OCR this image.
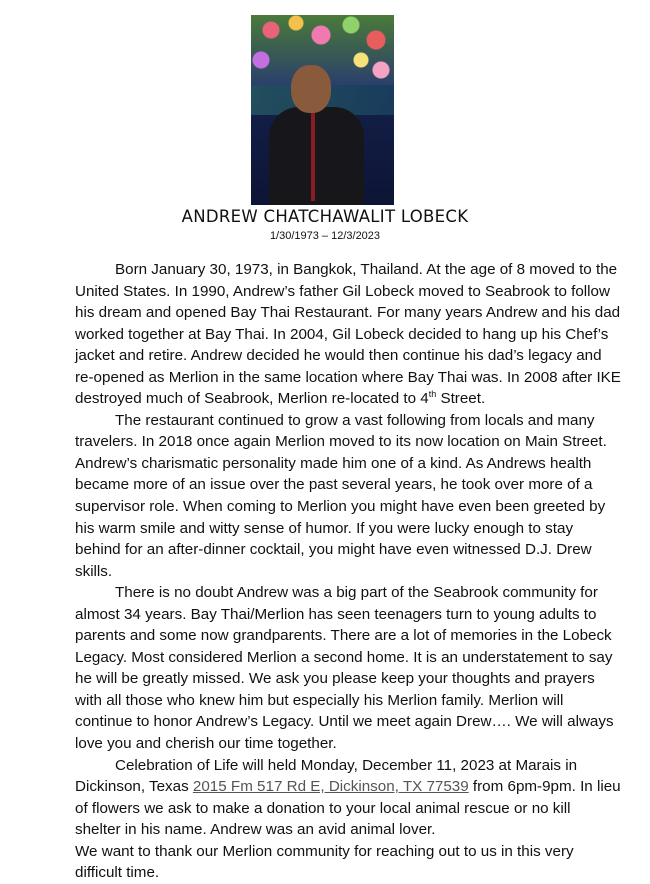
ANDREW CHATCHAWALIT LOBECK
1/30/1973 – 12/3/2023
Born January 30, 1973, in Bangkok, Thailand. At the age of 8 moved to the
United States. In 1990, Andrew’s father Gil Lobeck moved to Seabrook to follow
his dream and opened Bay Thai Restaurant. For many years Andrew and his dad
worked together at Bay Thai. In 2004, Gil Lobeck decided to hang up his Chef’s
jacket and retire. Andrew decided he would then continue his dad’s legacy and
re-opened as Merlion in the same location where Bay Thai was. In 2008 after IKE
destroyed much of Seabrook, Merlion re-located to 4th Street.
The restaurant continued to grow a vast following from locals and many
travelers. In 2018 once again Merlion moved to its now location on Main Street.
Andrew’s charismatic personality made him one of a kind. As Andrews health
became more of an issue over the past several years, he took over more of a
supervisor role. When coming to Merlion you might have even been greeted by
his warm smile and witty sense of humor. If you were lucky enough to stay
behind for an after-dinner cocktail, you might have even witnessed D.J. Drew
skills.
There is no doubt Andrew was a big part of the Seabrook community for
almost 34 years. Bay Thai/Merlion has seen teenagers turn to young adults to
parents and some now grandparents. There are a lot of memories in the Lobeck
Legacy. Most considered Merlion a second home. It is an understatement to say
he will be greatly missed. We ask you please keep your thoughts and prayers
with all those who knew him but especially his Merlion family. Merlion will
continue to honor Andrew’s Legacy. Until we meet again Drew…. We will always
love you and cherish our time together.
Celebration of Life will held Monday, December 11, 2023 at Marais in
Dickinson, Texas 2015 Fm 517 Rd E, Dickinson, TX 77539 from 6pm-9pm. In lieu
of flowers we ask to make a donation to your local animal rescue or no kill
shelter in his name. Andrew was an avid animal lover.
We want to thank our Merlion community for reaching out to us in this very
difficult time.
